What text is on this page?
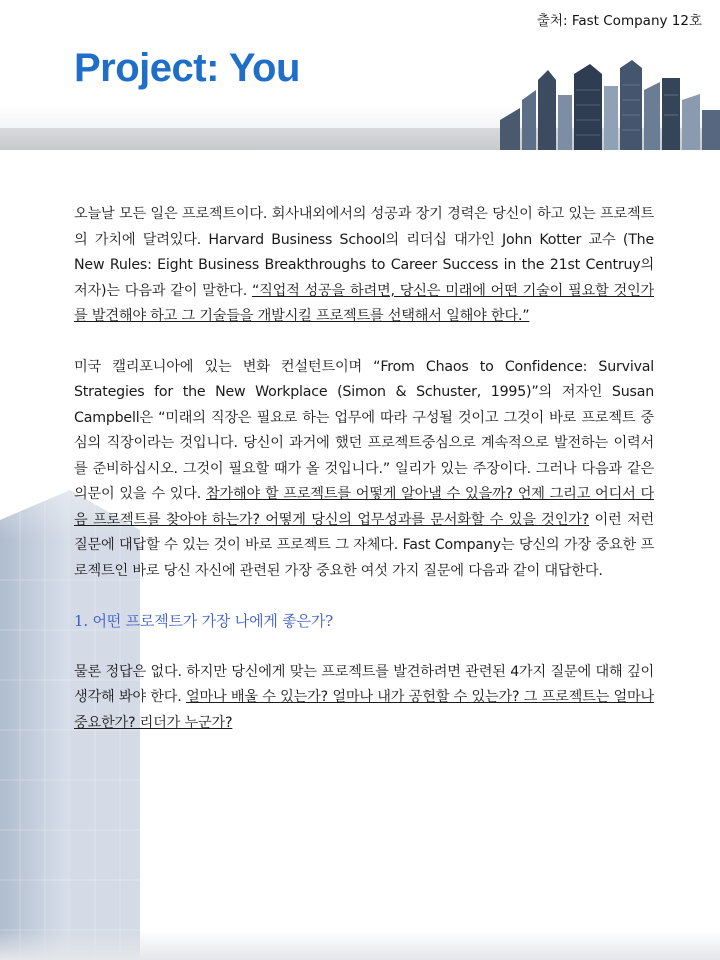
출처: Fast Company 12호
Project: You

오늘날 모든 일은 프로젝트이다. 회사내외에서의 성공과 장기 경력은 당신이 하고 있는 프로젝트의 가치에 달려있다. Harvard Business School의 리더십 대가인 John Kotter 교수 (The New Rules: Eight Business Breakthroughs to Career Success in the 21st Centruy의 저자)는 다음과 같이 말한다. “직업적 성공을 하려면, 당신은 미래에 어떤 기술이 필요할 것인가를 발견해야 하고 그 기술들을 개발시킬 프로젝트를 선택해서 일해야 한다.”

미국 캘리포니아에 있는 변화 컨설턴트이며 “From Chaos to Confidence: Survival Strategies for the New Workplace (Simon & Schuster, 1995)”의 저자인 Susan Campbell은 “미래의 직장은 필요로 하는 업무에 따라 구성될 것이고 그것이 바로 프로젝트 중심의 직장이라는 것입니다. 당신이 과거에 했던 프로젝트중심으로 계속적으로 발전하는 이력서를 준비하십시오. 그것이 필요할 때가 올 것입니다.” 일리가 있는 주장이다. 그러나 다음과 같은 의문이 있을 수 있다. 참가해야 할 프로젝트를 어떻게 알아낼 수 있을까? 언제 그리고 어디서 다음 프로젝트를 찾아야 하는가? 어떻게 당신의 업무성과를 문서화할 수 있을 것인가? 이런 저런 질문에 대답할 수 있는 것이 바로 프로젝트 그 자체다. Fast Company는 당신의 가장 중요한 프로젝트인 바로 당신 자신에 관련된 가장 중요한 여섯 가지 질문에 다음과 같이 대답한다.

1. 어떤 프로젝트가 가장 나에게 좋은가?

물론 정답은 없다. 하지만 당신에게 맞는 프로젝트를 발견하려면 관련된 4가지 질문에 대해 깊이 생각해 봐야 한다. 얼마나 배울 수 있는가? 얼마나 내가 공헌할 수 있는가? 그 프로젝트는 얼마나 중요한가? 리더가 누군가?
